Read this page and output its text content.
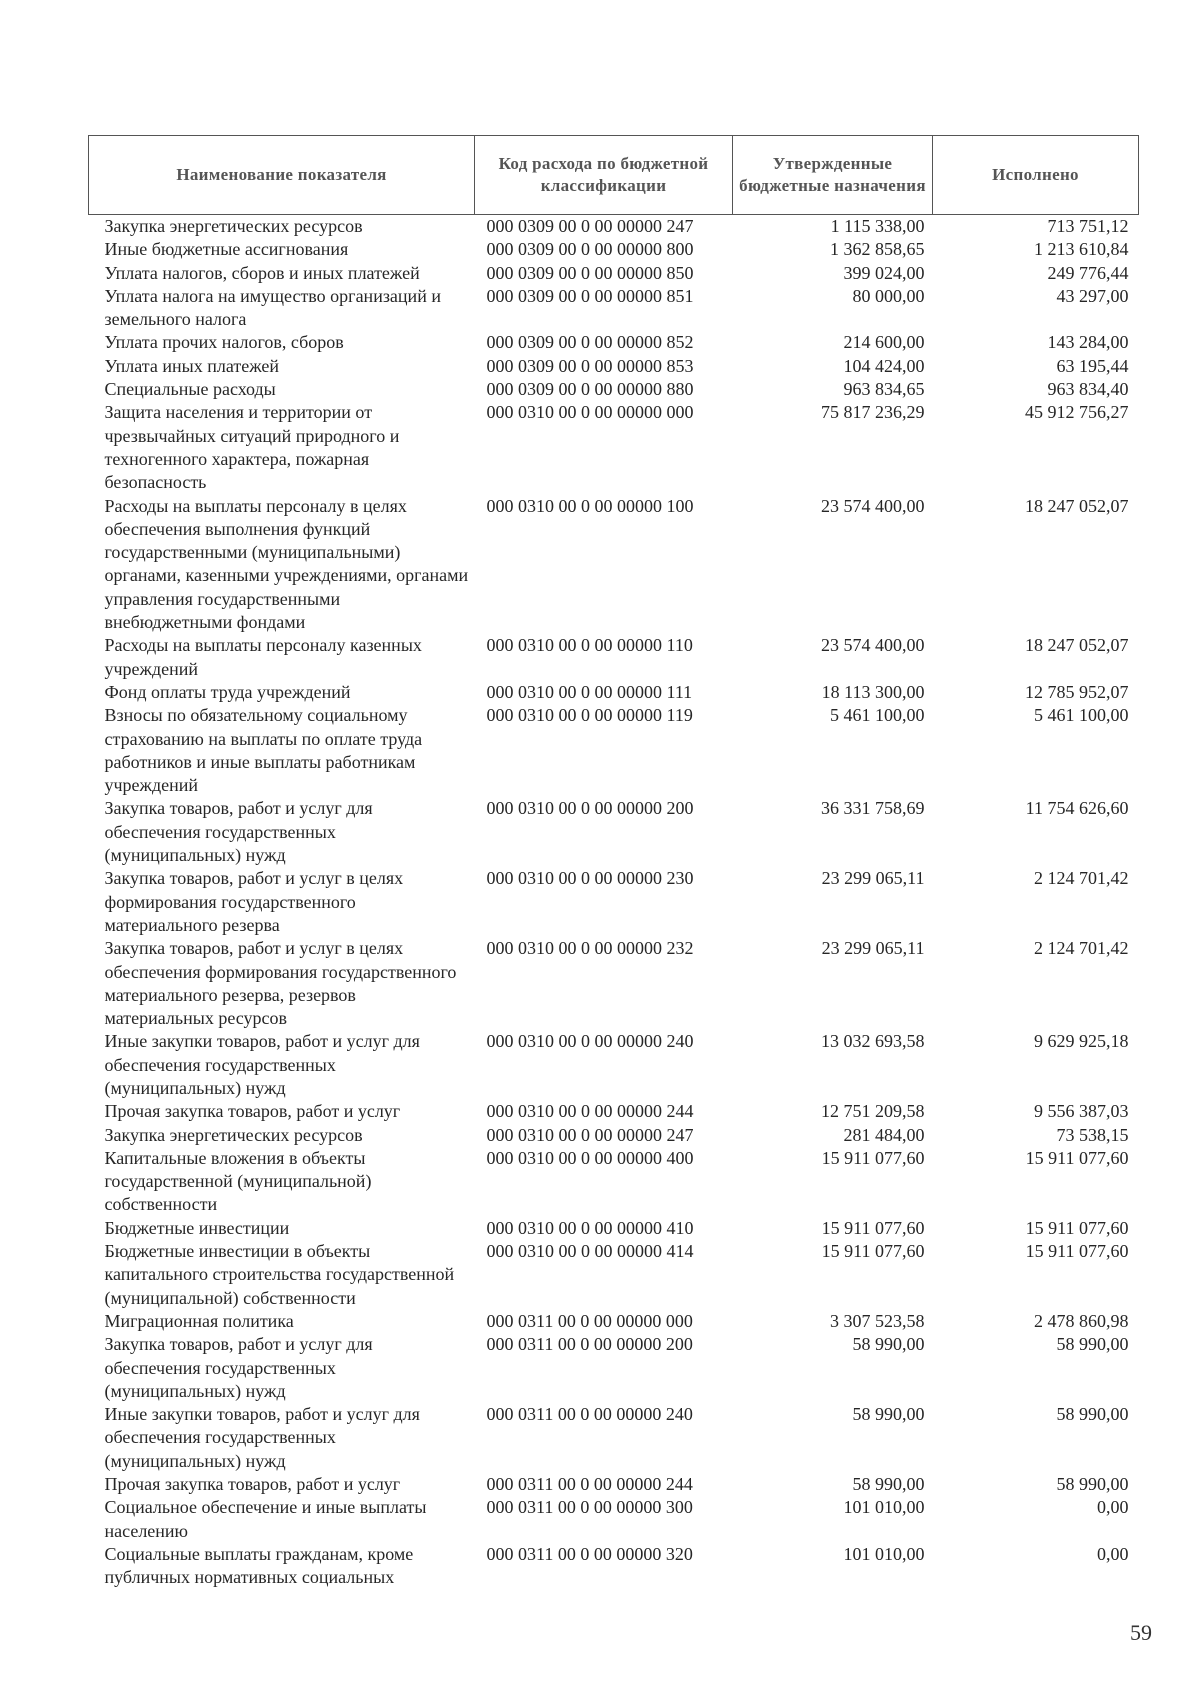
Наименование показателя	Код расхода по бюджетной классификации	Утвержденные бюджетные назначения	Исполнено
Закупка энергетических ресурсов	000 0309 00 0 00 00000 247	1 115 338,00	713 751,12
Иные бюджетные ассигнования	000 0309 00 0 00 00000 800	1 362 858,65	1 213 610,84
Уплата налогов, сборов и иных платежей	000 0309 00 0 00 00000 850	399 024,00	249 776,44
Уплата налога на имущество организаций и земельного налога	000 0309 00 0 00 00000 851	80 000,00	43 297,00
Уплата прочих налогов, сборов	000 0309 00 0 00 00000 852	214 600,00	143 284,00
Уплата иных платежей	000 0309 00 0 00 00000 853	104 424,00	63 195,44
Специальные расходы	000 0309 00 0 00 00000 880	963 834,65	963 834,40
Защита населения и территории от чрезвычайных ситуаций природного и техногенного характера, пожарная безопасность	000 0310 00 0 00 00000 000	75 817 236,29	45 912 756,27
Расходы на выплаты персоналу в целях обеспечения выполнения функций государственными (муниципальными) органами, казенными учреждениями, органами управления государственными внебюджетными фондами	000 0310 00 0 00 00000 100	23 574 400,00	18 247 052,07
Расходы на выплаты персоналу казенных учреждений	000 0310 00 0 00 00000 110	23 574 400,00	18 247 052,07
Фонд оплаты труда учреждений	000 0310 00 0 00 00000 111	18 113 300,00	12 785 952,07
Взносы по обязательному социальному страхованию на выплаты по оплате труда работников и иные выплаты работникам учреждений	000 0310 00 0 00 00000 119	5 461 100,00	5 461 100,00
Закупка товаров, работ и услуг для обеспечения государственных (муниципальных) нужд	000 0310 00 0 00 00000 200	36 331 758,69	11 754 626,60
Закупка товаров, работ и услуг в целях формирования государственного материального резерва	000 0310 00 0 00 00000 230	23 299 065,11	2 124 701,42
Закупка товаров, работ и услуг в целях обеспечения формирования государственного материального резерва, резервов материальных ресурсов	000 0310 00 0 00 00000 232	23 299 065,11	2 124 701,42
Иные закупки товаров, работ и услуг для обеспечения государственных (муниципальных) нужд	000 0310 00 0 00 00000 240	13 032 693,58	9 629 925,18
Прочая закупка товаров, работ и услуг	000 0310 00 0 00 00000 244	12 751 209,58	9 556 387,03
Закупка энергетических ресурсов	000 0310 00 0 00 00000 247	281 484,00	73 538,15
Капитальные вложения в объекты государственной (муниципальной) собственности	000 0310 00 0 00 00000 400	15 911 077,60	15 911 077,60
Бюджетные инвестиции	000 0310 00 0 00 00000 410	15 911 077,60	15 911 077,60
Бюджетные инвестиции в объекты капитального строительства государственной (муниципальной) собственности	000 0310 00 0 00 00000 414	15 911 077,60	15 911 077,60
Миграционная политика	000 0311 00 0 00 00000 000	3 307 523,58	2 478 860,98
Закупка товаров, работ и услуг для обеспечения государственных (муниципальных) нужд	000 0311 00 0 00 00000 200	58 990,00	58 990,00
Иные закупки товаров, работ и услуг для обеспечения государственных (муниципальных) нужд	000 0311 00 0 00 00000 240	58 990,00	58 990,00
Прочая закупка товаров, работ и услуг	000 0311 00 0 00 00000 244	58 990,00	58 990,00
Социальное обеспечение и иные выплаты населению	000 0311 00 0 00 00000 300	101 010,00	0,00
Социальные выплаты гражданам, кроме публичных нормативных социальных	000 0311 00 0 00 00000 320	101 010,00	0,00
59
